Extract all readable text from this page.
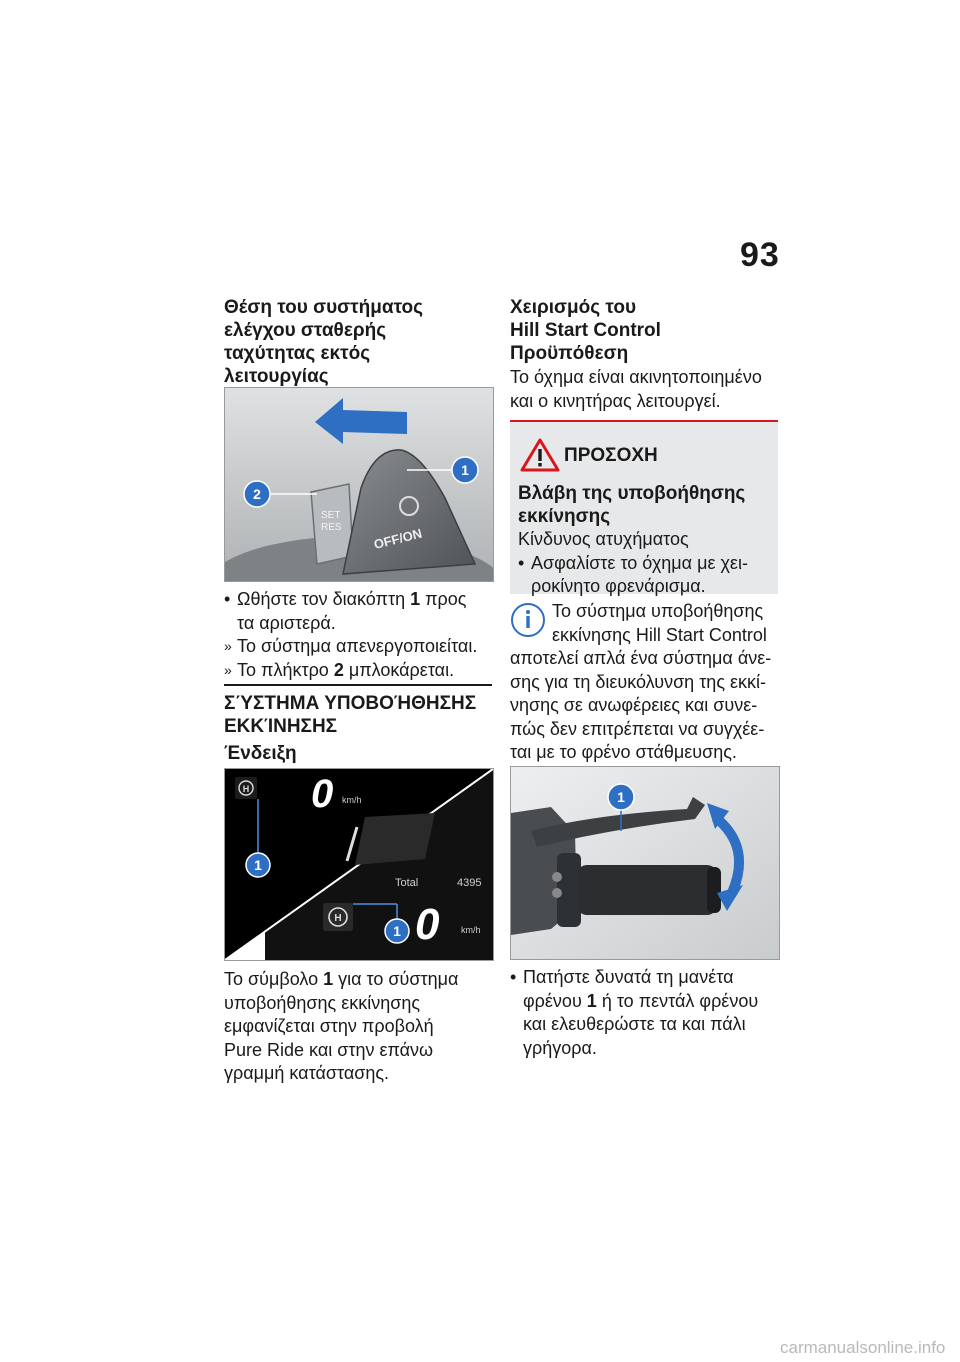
93
Θέση του συστήματος
ελέγχου σταθερής
ταχύτητας εκτός
λειτουργίας
SET
RES OFF/ON
1
2
• Ωθήστε τον διακόπτη 1 προς
τα αριστερά.
» Το σύστημα απενεργοποιείται.
» Το πλήκτρο 2 μπλοκάρεται.
ΣΎΣΤΗΜΑ ΥΠΟΒΟΉΘΗΣΗΣ
ΕΚΚΊΝΗΣΗΣ
Ένδειξη
H 0 km/h
Total	4395
H 0 km/h
1
1
Το σύμβολο 1 για το σύστημα
υποβοήθησης εκκίνησης
εμφανίζεται στην προβολή
Pure Ride και στην επάνω
γραμμή κατάστασης.
Χειρισμός του
Hill Start Control
Προϋπόθεση
Το όχημα είναι ακινητοποιημένο
και ο κινητήρας λειτουργεί.
ΠΡΟΣΟΧΗ
Βλάβη της υποβοήθησης
εκκίνησης
Κίνδυνος ατυχήματος
• Ασφαλίστε το όχημα με χει-
ροκίνητο φρενάρισμα.
Το σύστημα υποβοήθησης
εκκίνησης Hill Start Control
αποτελεί απλά ένα σύστημα άνε-
σης για τη διευκόλυνση της εκκί-
νησης σε ανωφέρειες και συνε-
πώς δεν επιτρέπεται να συγχέε-
ται με το φρένο στάθμευσης.
1
• Πατήστε δυνατά τη μανέτα
φρένου 1 ή το πεντάλ φρένου
και ελευθερώστε τα και πάλι
γρήγορα.
carmanualsonline.info
